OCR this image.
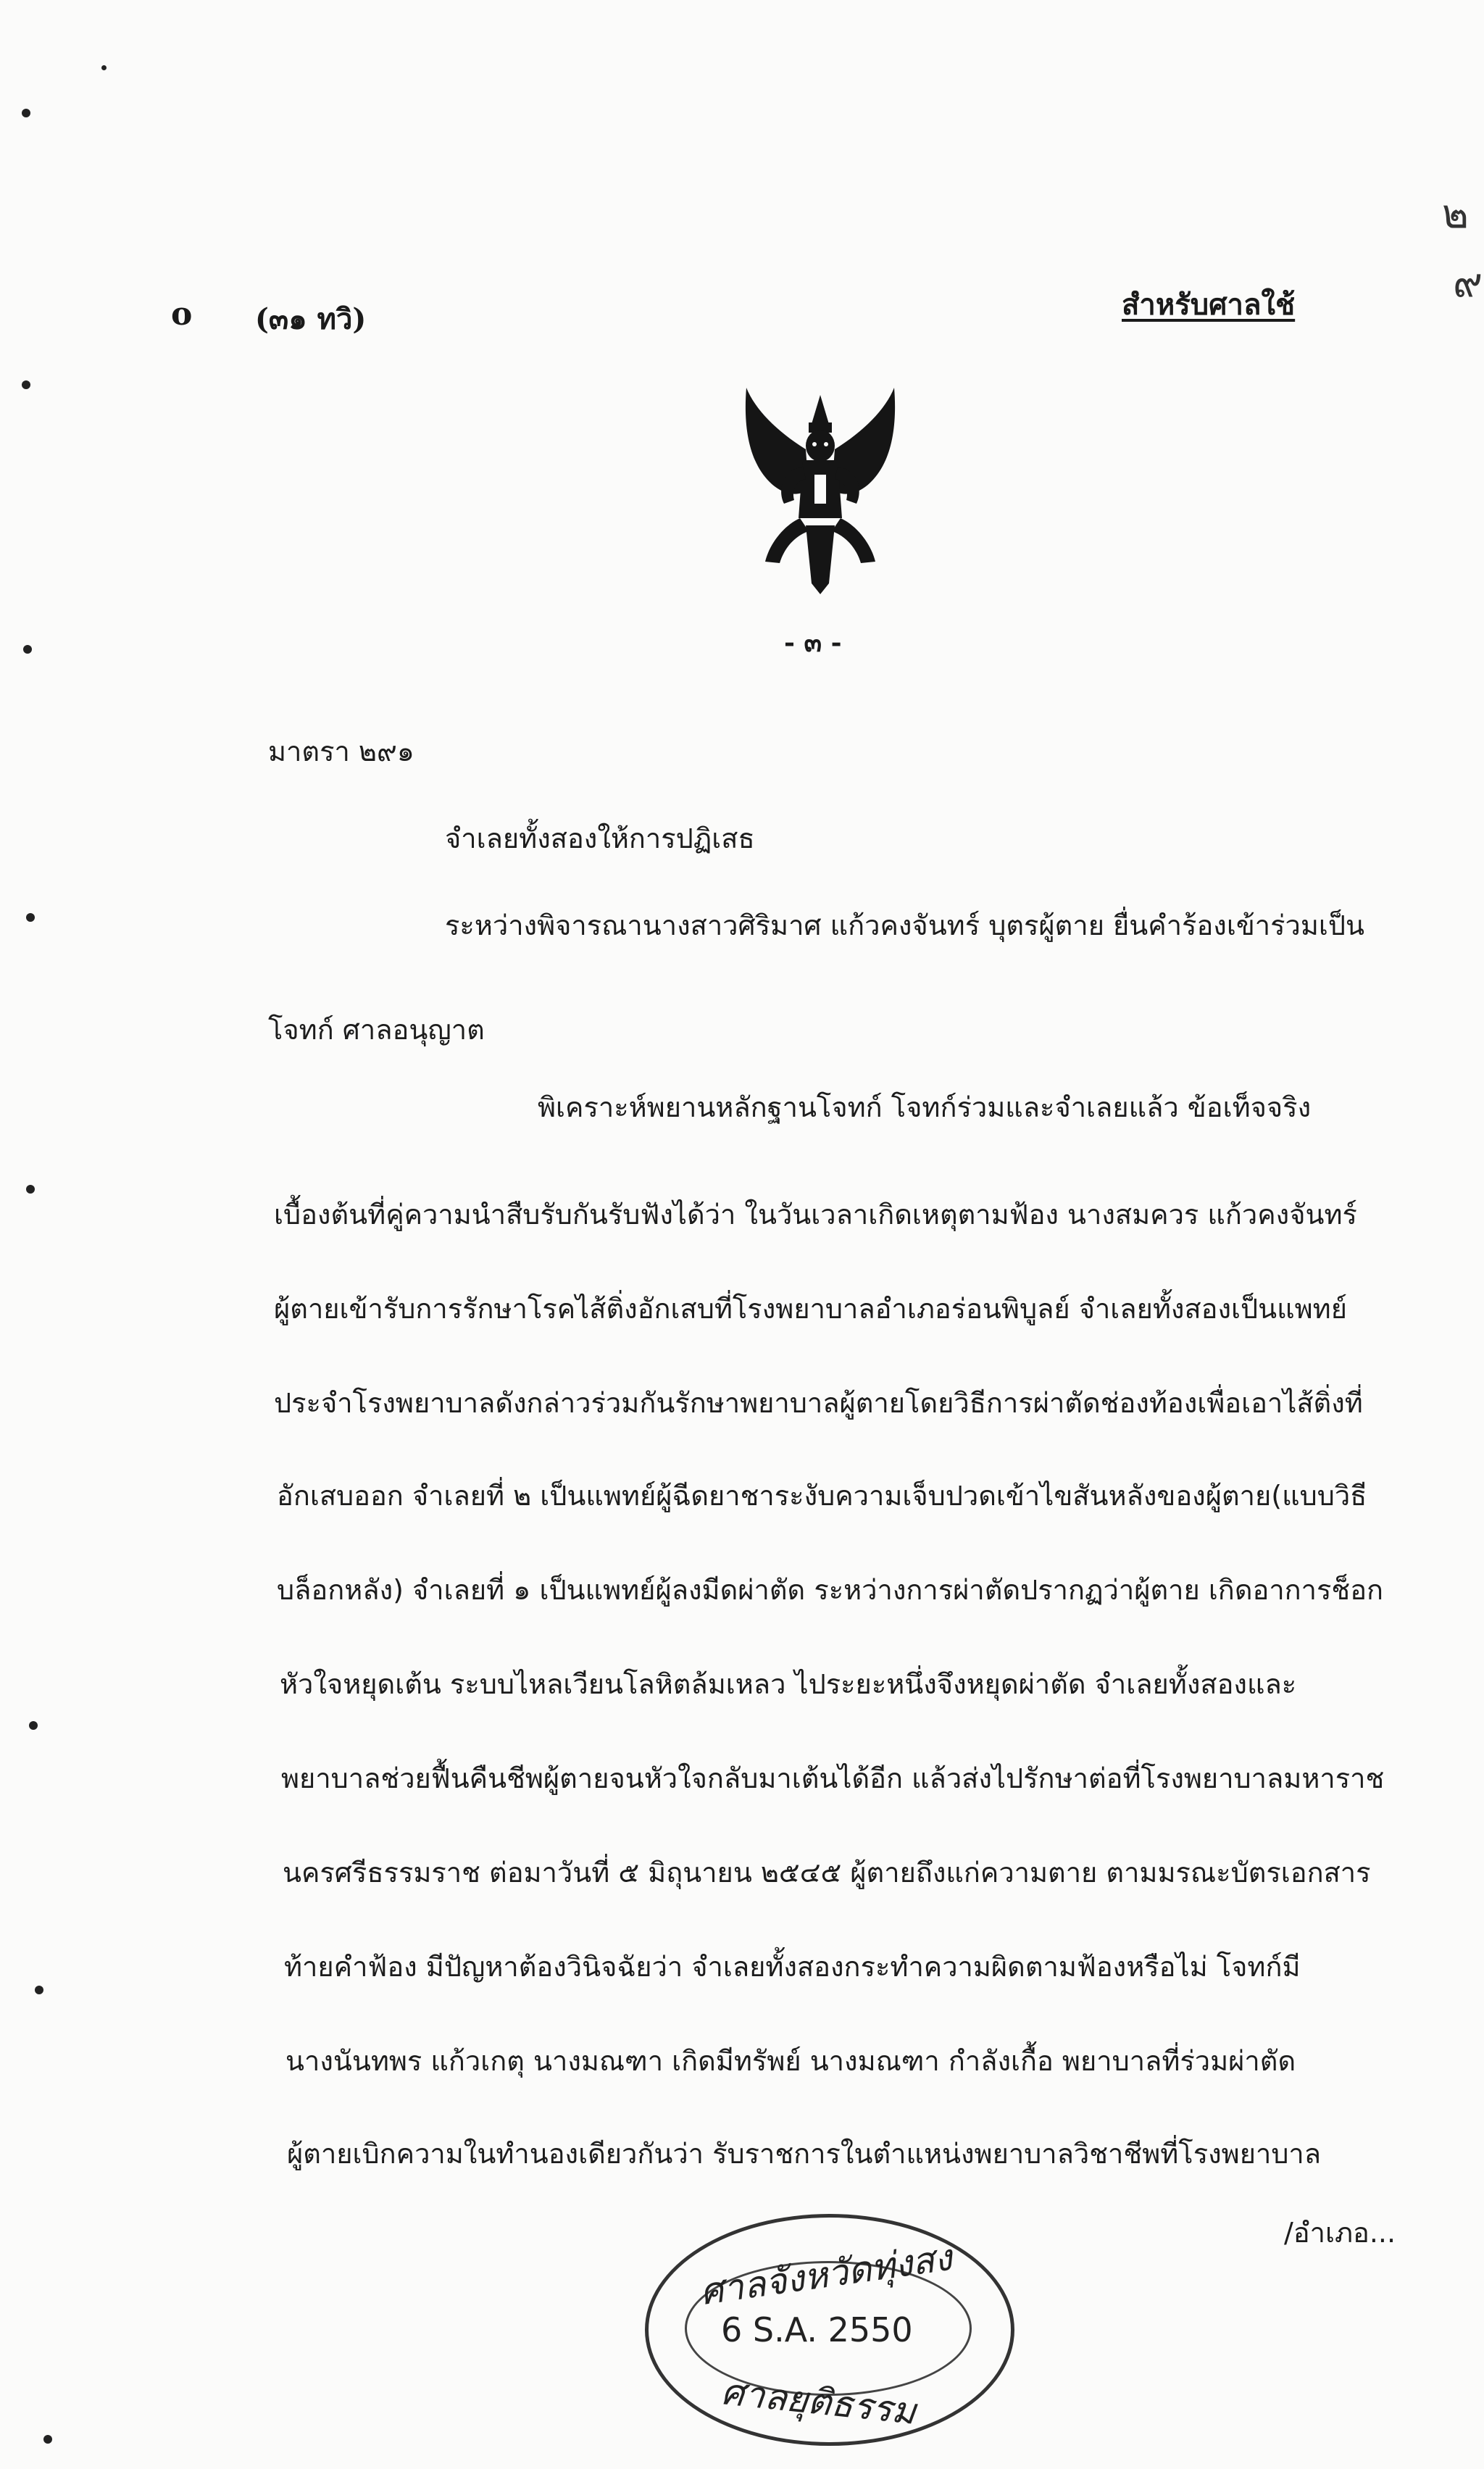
o (๓๑ ทวิ)	สำหรับศาลใช้
๒
๙
- ๓ -
มาตรา ๒๙๑
จำเลยทั้งสองให้การปฏิเสธ
ระหว่างพิจารณานางสาวศิริมาศ แก้วคงจันทร์ บุตรผู้ตาย ยื่นคำร้องเข้าร่วมเป็น
โจทก์ ศาลอนุญาต
พิเคราะห์พยานหลักฐานโจทก์ โจทก์ร่วมและจำเลยแล้ว ข้อเท็จจริง
เบื้องต้นที่คู่ความนำสืบรับกันรับฟังได้ว่า ในวันเวลาเกิดเหตุตามฟ้อง นางสมควร แก้วคงจันทร์
ผู้ตายเข้ารับการรักษาโรคไส้ติ่งอักเสบที่โรงพยาบาลอำเภอร่อนพิบูลย์ จำเลยทั้งสองเป็นแพทย์
ประจำโรงพยาบาลดังกล่าวร่วมกันรักษาพยาบาลผู้ตายโดยวิธีการผ่าตัดช่องท้องเพื่อเอาไส้ติ่งที่
อักเสบออก จำเลยที่ ๒ เป็นแพทย์ผู้ฉีดยาชาระงับความเจ็บปวดเข้าไขสันหลังของผู้ตาย(แบบวิธี
บล็อกหลัง) จำเลยที่ ๑ เป็นแพทย์ผู้ลงมีดผ่าตัด ระหว่างการผ่าตัดปรากฏว่าผู้ตาย เกิดอาการช็อก
หัวใจหยุดเต้น ระบบไหลเวียนโลหิตล้มเหลว ไประยะหนึ่งจึงหยุดผ่าตัด จำเลยทั้งสองและ
พยาบาลช่วยฟื้นคืนชีพผู้ตายจนหัวใจกลับมาเต้นได้อีก แล้วส่งไปรักษาต่อที่โรงพยาบาลมหาราช
นครศรีธรรมราช ต่อมาวันที่ ๕ มิถุนายน ๒๕๔๕ ผู้ตายถึงแก่ความตาย ตามมรณะบัตรเอกสาร
ท้ายคำฟ้อง มีปัญหาต้องวินิจฉัยว่า จำเลยทั้งสองกระทำความผิดตามฟ้องหรือไม่ โจทก์มี
นางนันทพร แก้วเกตุ นางมณฑา เกิดมีทรัพย์ นางมณฑา กำลังเกื้อ พยาบาลที่ร่วมผ่าตัด
ผู้ตายเบิกความในทำนองเดียวกันว่า รับราชการในตำแหน่งพยาบาลวิชาชีพที่โรงพยาบาล
/อำเภอ...
ศาลจังหวัดทุ่งสง
6 S.A. 2550
ศาลยุติธรรม
